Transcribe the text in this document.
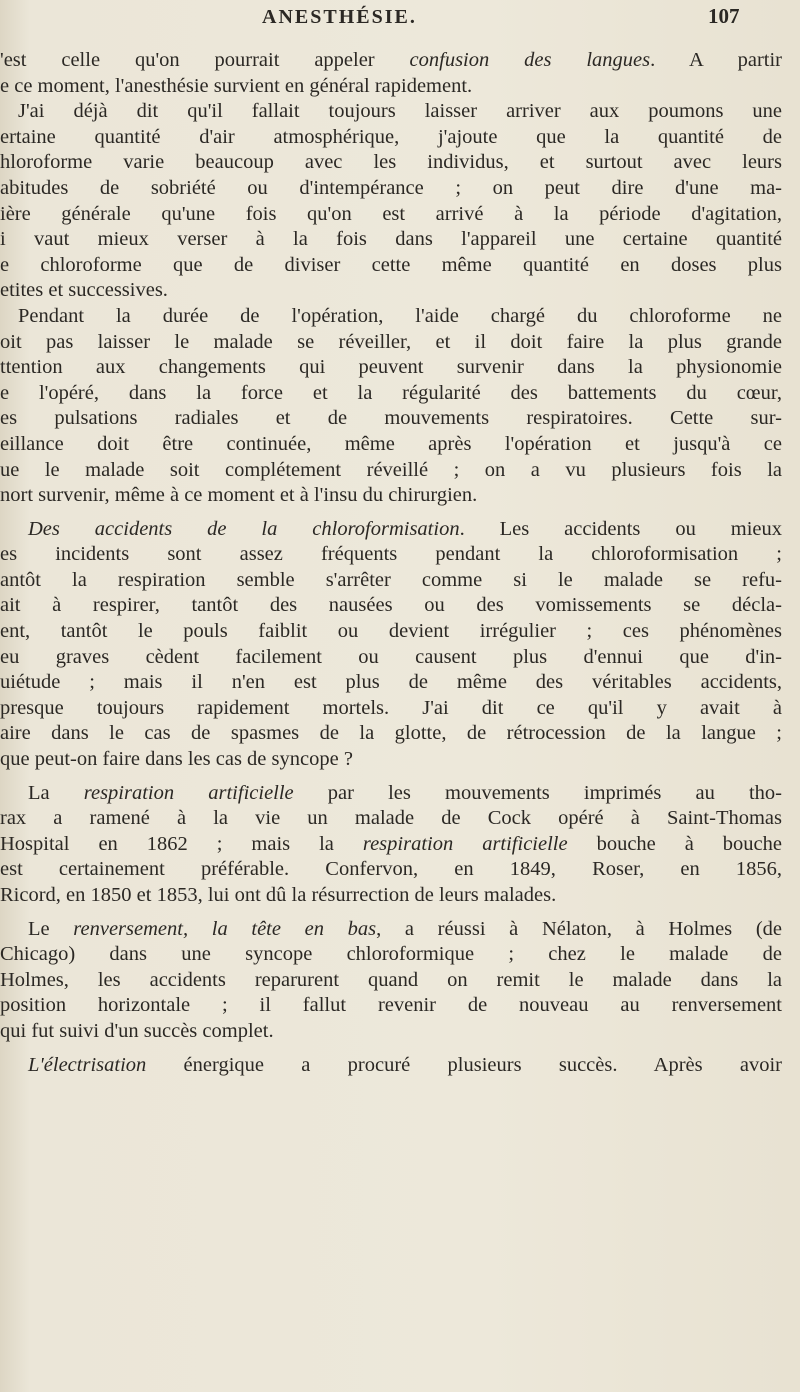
ANESTHÉSIE.	107
'est celle qu'on pourrait appeler confusion des langues. A partir
e ce moment, l'anesthésie survient en général rapidement.
J'ai déjà dit qu'il fallait toujours laisser arriver aux poumons une
ertaine quantité d'air atmosphérique, j'ajoute que la quantité de
hloroforme varie beaucoup avec les individus, et surtout avec leurs
abitudes de sobriété ou d'intempérance ; on peut dire d'une ma-
ière générale qu'une fois qu'on est arrivé à la période d'agitation,
i vaut mieux verser à la fois dans l'appareil une certaine quantité
e chloroforme que de diviser cette même quantité en doses plus
etites et successives.
Pendant la durée de l'opération, l'aide chargé du chloroforme ne
oit pas laisser le malade se réveiller, et il doit faire la plus grande
ttention aux changements qui peuvent survenir dans la physionomie
e l'opéré, dans la force et la régularité des battements du cœur,
es pulsations radiales et de mouvements respiratoires. Cette sur-
eillance doit être continuée, même après l'opération et jusqu'à ce
ue le malade soit complétement réveillé ; on a vu plusieurs fois la
nort survenir, même à ce moment et à l'insu du chirurgien.
Des accidents de la chloroformisation. Les accidents ou mieux
es incidents sont assez fréquents pendant la chloroformisation ;
antôt la respiration semble s'arrêter comme si le malade se refu-
ait à respirer, tantôt des nausées ou des vomissements se décla-
ent, tantôt le pouls faiblit ou devient irrégulier ; ces phénomènes
eu graves cèdent facilement ou causent plus d'ennui que d'in-
uiétude ; mais il n'en est plus de même des véritables accidents,
presque toujours rapidement mortels. J'ai dit ce qu'il y avait à
aire dans le cas de spasmes de la glotte, de rétrocession de la langue ;
que peut-on faire dans les cas de syncope ?
La respiration artificielle par les mouvements imprimés au tho-
rax a ramené à la vie un malade de Cock opéré à Saint-Thomas
Hospital en 1862 ; mais la respiration artificielle bouche à bouche
est certainement préférable. Confervon, en 1849, Roser, en 1856,
Ricord, en 1850 et 1853, lui ont dû la résurrection de leurs malades.
Le renversement, la tête en bas, a réussi à Nélaton, à Holmes (de
Chicago) dans une syncope chloroformique ; chez le malade de
Holmes, les accidents reparurent quand on remit le malade dans la
position horizontale ; il fallut revenir de nouveau au renversement
qui fut suivi d'un succès complet.
L'électrisation énergique a procuré plusieurs succès. Après avoir
